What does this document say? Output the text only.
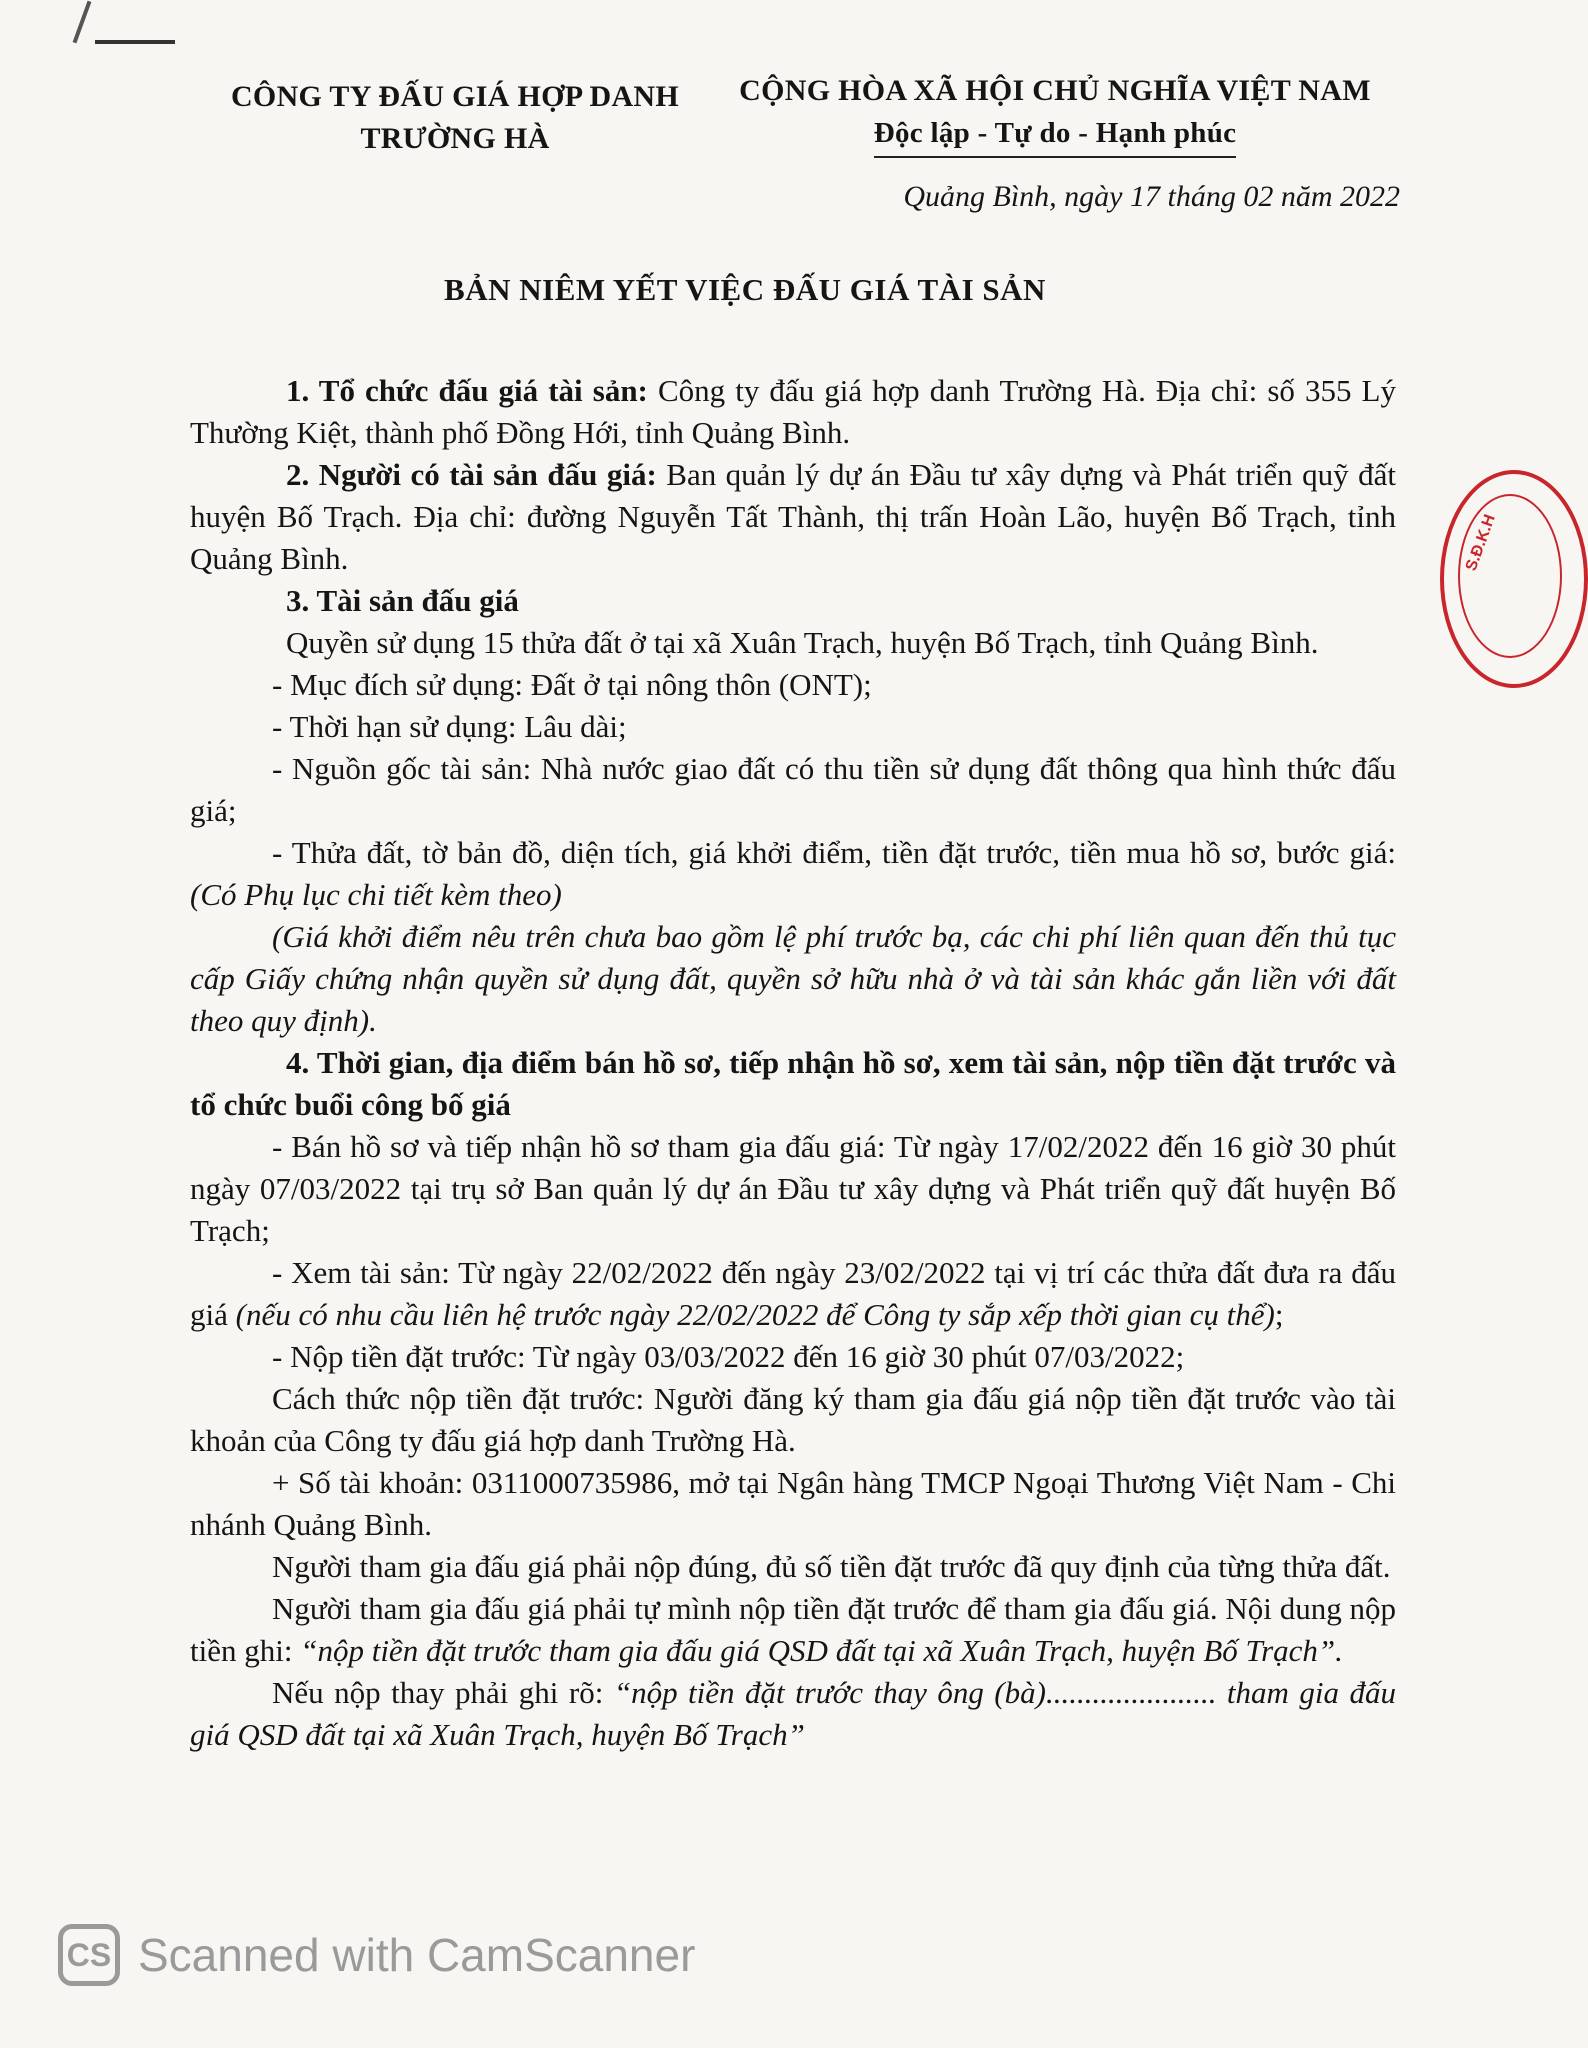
CÔNG TY ĐẤU GIÁ HỢP DANH
TRƯỜNG HÀ
CỘNG HÒA XÃ HỘI CHỦ NGHĨA VIỆT NAM
Độc lập - Tự do - Hạnh phúc
Quảng Bình, ngày 17 tháng 02 năm 2022
BẢN NIÊM YẾT VIỆC ĐẤU GIÁ TÀI SẢN

1. Tổ chức đấu giá tài sản: Công ty đấu giá hợp danh Trường Hà. Địa chỉ: số 355 Lý Thường Kiệt, thành phố Đồng Hới, tỉnh Quảng Bình.

2. Người có tài sản đấu giá: Ban quản lý dự án Đầu tư xây dựng và Phát triển quỹ đất huyện Bố Trạch. Địa chỉ: đường Nguyễn Tất Thành, thị trấn Hoàn Lão, huyện Bố Trạch, tỉnh Quảng Bình.

3. Tài sản đấu giá

Quyền sử dụng 15 thửa đất ở tại xã Xuân Trạch, huyện Bố Trạch, tỉnh Quảng Bình.

- Mục đích sử dụng: Đất ở tại nông thôn (ONT);

- Thời hạn sử dụng: Lâu dài;

- Nguồn gốc tài sản: Nhà nước giao đất có thu tiền sử dụng đất thông qua hình thức đấu giá;

- Thửa đất, tờ bản đồ, diện tích, giá khởi điểm, tiền đặt trước, tiền mua hồ sơ, bước giá: (Có Phụ lục chi tiết kèm theo)

(Giá khởi điểm nêu trên chưa bao gồm lệ phí trước bạ, các chi phí liên quan đến thủ tục cấp Giấy chứng nhận quyền sử dụng đất, quyền sở hữu nhà ở và tài sản khác gắn liền với đất theo quy định).

4. Thời gian, địa điểm bán hồ sơ, tiếp nhận hồ sơ, xem tài sản, nộp tiền đặt trước và tổ chức buổi công bố giá

- Bán hồ sơ và tiếp nhận hồ sơ tham gia đấu giá: Từ ngày 17/02/2022 đến 16 giờ 30 phút ngày 07/03/2022 tại trụ sở Ban quản lý dự án Đầu tư xây dựng và Phát triển quỹ đất huyện Bố Trạch;

- Xem tài sản: Từ ngày 22/02/2022 đến ngày 23/02/2022 tại vị trí các thửa đất đưa ra đấu giá (nếu có nhu cầu liên hệ trước ngày 22/02/2022 để Công ty sắp xếp thời gian cụ thể);

- Nộp tiền đặt trước: Từ ngày 03/03/2022 đến 16 giờ 30 phút 07/03/2022;

Cách thức nộp tiền đặt trước: Người đăng ký tham gia đấu giá nộp tiền đặt trước vào tài khoản của Công ty đấu giá hợp danh Trường Hà.

+ Số tài khoản: 0311000735986, mở tại Ngân hàng TMCP Ngoại Thương Việt Nam - Chi nhánh Quảng Bình.

Người tham gia đấu giá phải nộp đúng, đủ số tiền đặt trước đã quy định của từng thửa đất.

Người tham gia đấu giá phải tự mình nộp tiền đặt trước để tham gia đấu giá. Nội dung nộp tiền ghi: “nộp tiền đặt trước tham gia đấu giá QSD đất tại xã Xuân Trạch, huyện Bố Trạch”.

Nếu nộp thay phải ghi rõ: “nộp tiền đặt trước thay ông (bà)...................... tham gia đấu giá QSD đất tại xã Xuân Trạch, huyện Bố Trạch”

S.Đ.K.H
CS Scanned with CamScanner
